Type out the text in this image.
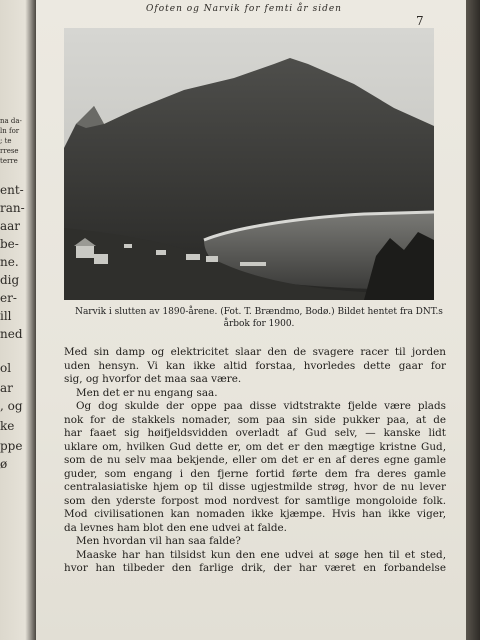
na da-
ln for
; te
rrese
terre
ent-
ran-
aar
be-
ne.
dig
er-
ill
ned
ol
ar
, og
ke
ppe
ø
Ofoten og Narvik for femti år siden
7
Narvik i slutten av 1890-årene. (Fot. T. Brændmo, Bodø.) Bildet hentet fra DNT.s
årbok for 1900.
Med sin damp og elektricitet slaar den de svagere racer til jorden
uden hensyn. Vi kan ikke altid forstaa, hvorledes dette gaar for
sig, og hvorfor det maa saa være.
Men det er nu engang saa.
Og dog skulde der oppe paa disse vidtstrakte fjelde være plads
nok for de stakkels nomader, som paa sin side pukker paa, at de
har faaet sig høifjeldsvidden overladt af Gud selv, — kanske lidt
uklare om, hvilken Gud dette er, om det er den mægtige kristne Gud,
som de nu selv maa bekjende, eller om det er en af deres egne gamle
guder, som engang i den fjerne fortid førte dem fra deres gamle
centralasiatiske hjem op til disse ugjestmilde strøg, hvor de nu lever
som den yderste forpost mod nordvest for samtlige mongoloide folk.
Mod civilisationen kan nomaden ikke kjæmpe. Hvis han ikke viger,
da levnes ham blot den ene udvei at falde.
Men hvordan vil han saa falde?
Maaske har han tilsidst kun den ene udvei at søge hen til et sted,
hvor han tilbeder den farlige drik, der har været en forbandelse
